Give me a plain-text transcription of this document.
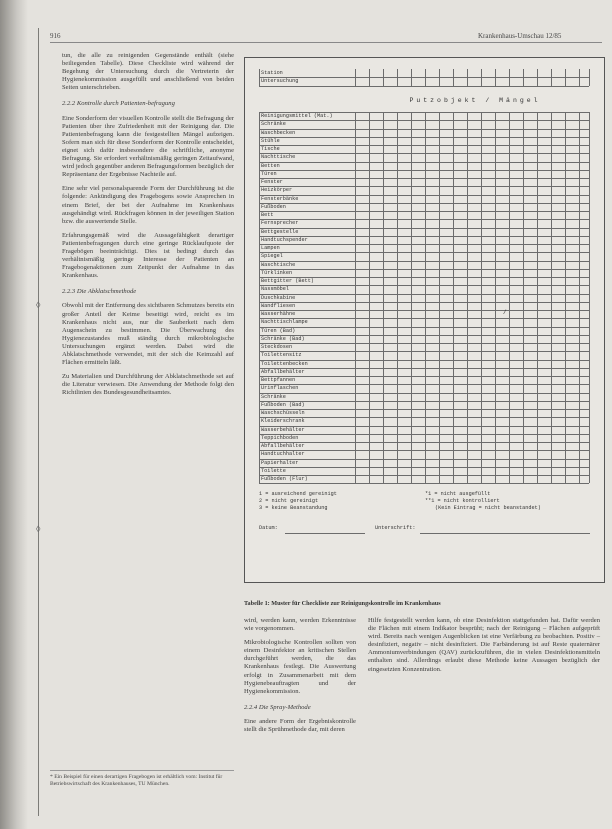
916	Krankenhaus-Umschau 12/85

tun, die alle zu reinigenden Gegenstände enthält (siehe beiliegenden Tabelle). Diese Checkliste wird während der Begehung der Untersuchung durch die Vertreterin der Hygienekommission ausgefüllt und anschließend von beiden Seiten unterschrieben.

2.2.2 Kontrolle durch Patienten-befragung

Eine Sonderform der visuellen Kontrolle stellt die Befragung der Patienten über ihre Zufriedenheit mit der Reinigung dar. Die Patientenbefragung kann die festgestellten Mängel aufzeigen. Sofern man sich für diese Sonderform der Kontrolle entscheidet, eignet sich dafür insbesondere die schriftliche, anonyme Befragung. Sie erfordert verhältnismäßig geringen Zeitaufwand, wird jedoch gegenüber anderen Befragungsformen bezüglich der Repräsentanz der Ergebnisse Nachteile auf.

Eine sehr viel personalsparende Form der Durchführung ist die folgende: Ankündigung des Fragebogens sowie Ansprechen in einem Brief, der bei der Aufnahme im Krankenhaus ausgehändigt wird. Rückfragen können in der jeweiligen Station bzw. die auswertende Stelle.

Erfahrungsgemäß wird die Aussagefähigkeit derartiger Patientenbefragungen durch eine geringe Rücklaufquote der Fragebögen beeinträchtigt. Dies ist bedingt durch das verhältnismäßig geringe Interesse der Patienten an Fragebogenaktionen zum Zeitpunkt der Aufnahme in das Krankenhaus.

2.2.3 Die Abklatschmethode

Obwohl mit der Entfernung des sichtbaren Schmutzes bereits ein großer Anteil der Keime beseitigt wird, reicht es im Krankenhaus nicht aus, nur die Sauberkeit nach dem Augenschein zu bestimmen. Die Überwachung des Hygienezustandes muß ständig durch mikrobiologische Untersuchungen ergänzt werden. Dabei wird die Abklatschmethode verwendet, mit der sich die Keimzahl auf Flächen ermitteln läßt.

Zu Materialien und Durchführung der Abklatschmethode sei auf die Literatur verwiesen. Die Anwendung der Methode folgt den Richtlinien des Bundesgesundheitsamtes.

* Ein Beispiel für einen derartigen Fragebogen ist erhältlich vom: Institut für Betriebswirtschaft des Krankenhauses, TU München.
◊
◊
Putzobjekt / Mängel
Station
Untersuchung
Reinigungsmittel (Mat.)
Schränke
Waschbecken
Stühle
Tische
Nachttische
Betten
Türen
Fenster
Heizkörper
Fensterbänke
Fußboden
Bett
Fernsprecher
Bettgestelle
Handtuchspender
Lampen
Spiegel
Waschtische
Türklinken
Bettgitter (Bett)
Nassmöbel
Duschkabine
Wandfliesen
Wasserhähne
Nachttischlampe
Türen (Bad)
Schränke (Bad)
Steckdosen
Toilettensitz
Toilettenbecken
Abfallbehälter
Bettpfannen
Urinflaschen
Schränke
Fußboden (Bad)
Waschschüsseln
Kleiderschrank
Wasserbehälter
Teppichboden
Abfallbehälter
Handtuchhalter
Papierhalter
Toilette
Fußboden (Flur)
/
1 = ausreichend gereinigt
2 = nicht gereinigt
3 = keine Beanstandung
*1 = nicht ausgefüllt
**1 = nicht kontrolliert
(Kein Eintrag = nicht beanstandet)
Datum:	Unterschrift:
Tabelle 1: Muster für Checkliste zur Reinigungskontrolle im Krankenhaus

wird, werden kann, werden Erkenntnisse wie vorgenommen.

Mikrobiologische Kontrollen sollten von einem Desinfektor an kritischen Stellen durchgeführt werden, die das Krankenhaus festlegt. Die Auswertung erfolgt in Zusammenarbeit mit dem Hygienebeauftragten und der Hygienekommission.

2.2.4 Die Spray-Methode

Eine andere Form der Ergebniskontrolle stellt die Sprühmethode dar, mit deren

Hilfe festgestellt werden kann, ob eine Desinfektion stattgefunden hat. Dafür werden die Flächen mit einem Indikator besprüht; nach der Reinigung – Flächen aufgeprüft wird. Bereits nach wenigen Augenblicken ist eine Verfärbung zu beobachten. Positiv – desinfiziert, negativ – nicht desinfiziert. Die Farbänderung ist auf Reste quaternärer Ammoniumverbindungen (QAV) zurückzuführen, die in vielen Desinfektionsmitteln enthalten sind. Allerdings erlaubt diese Methode keine Aussagen bezüglich der eingesetzten Konzentration.
